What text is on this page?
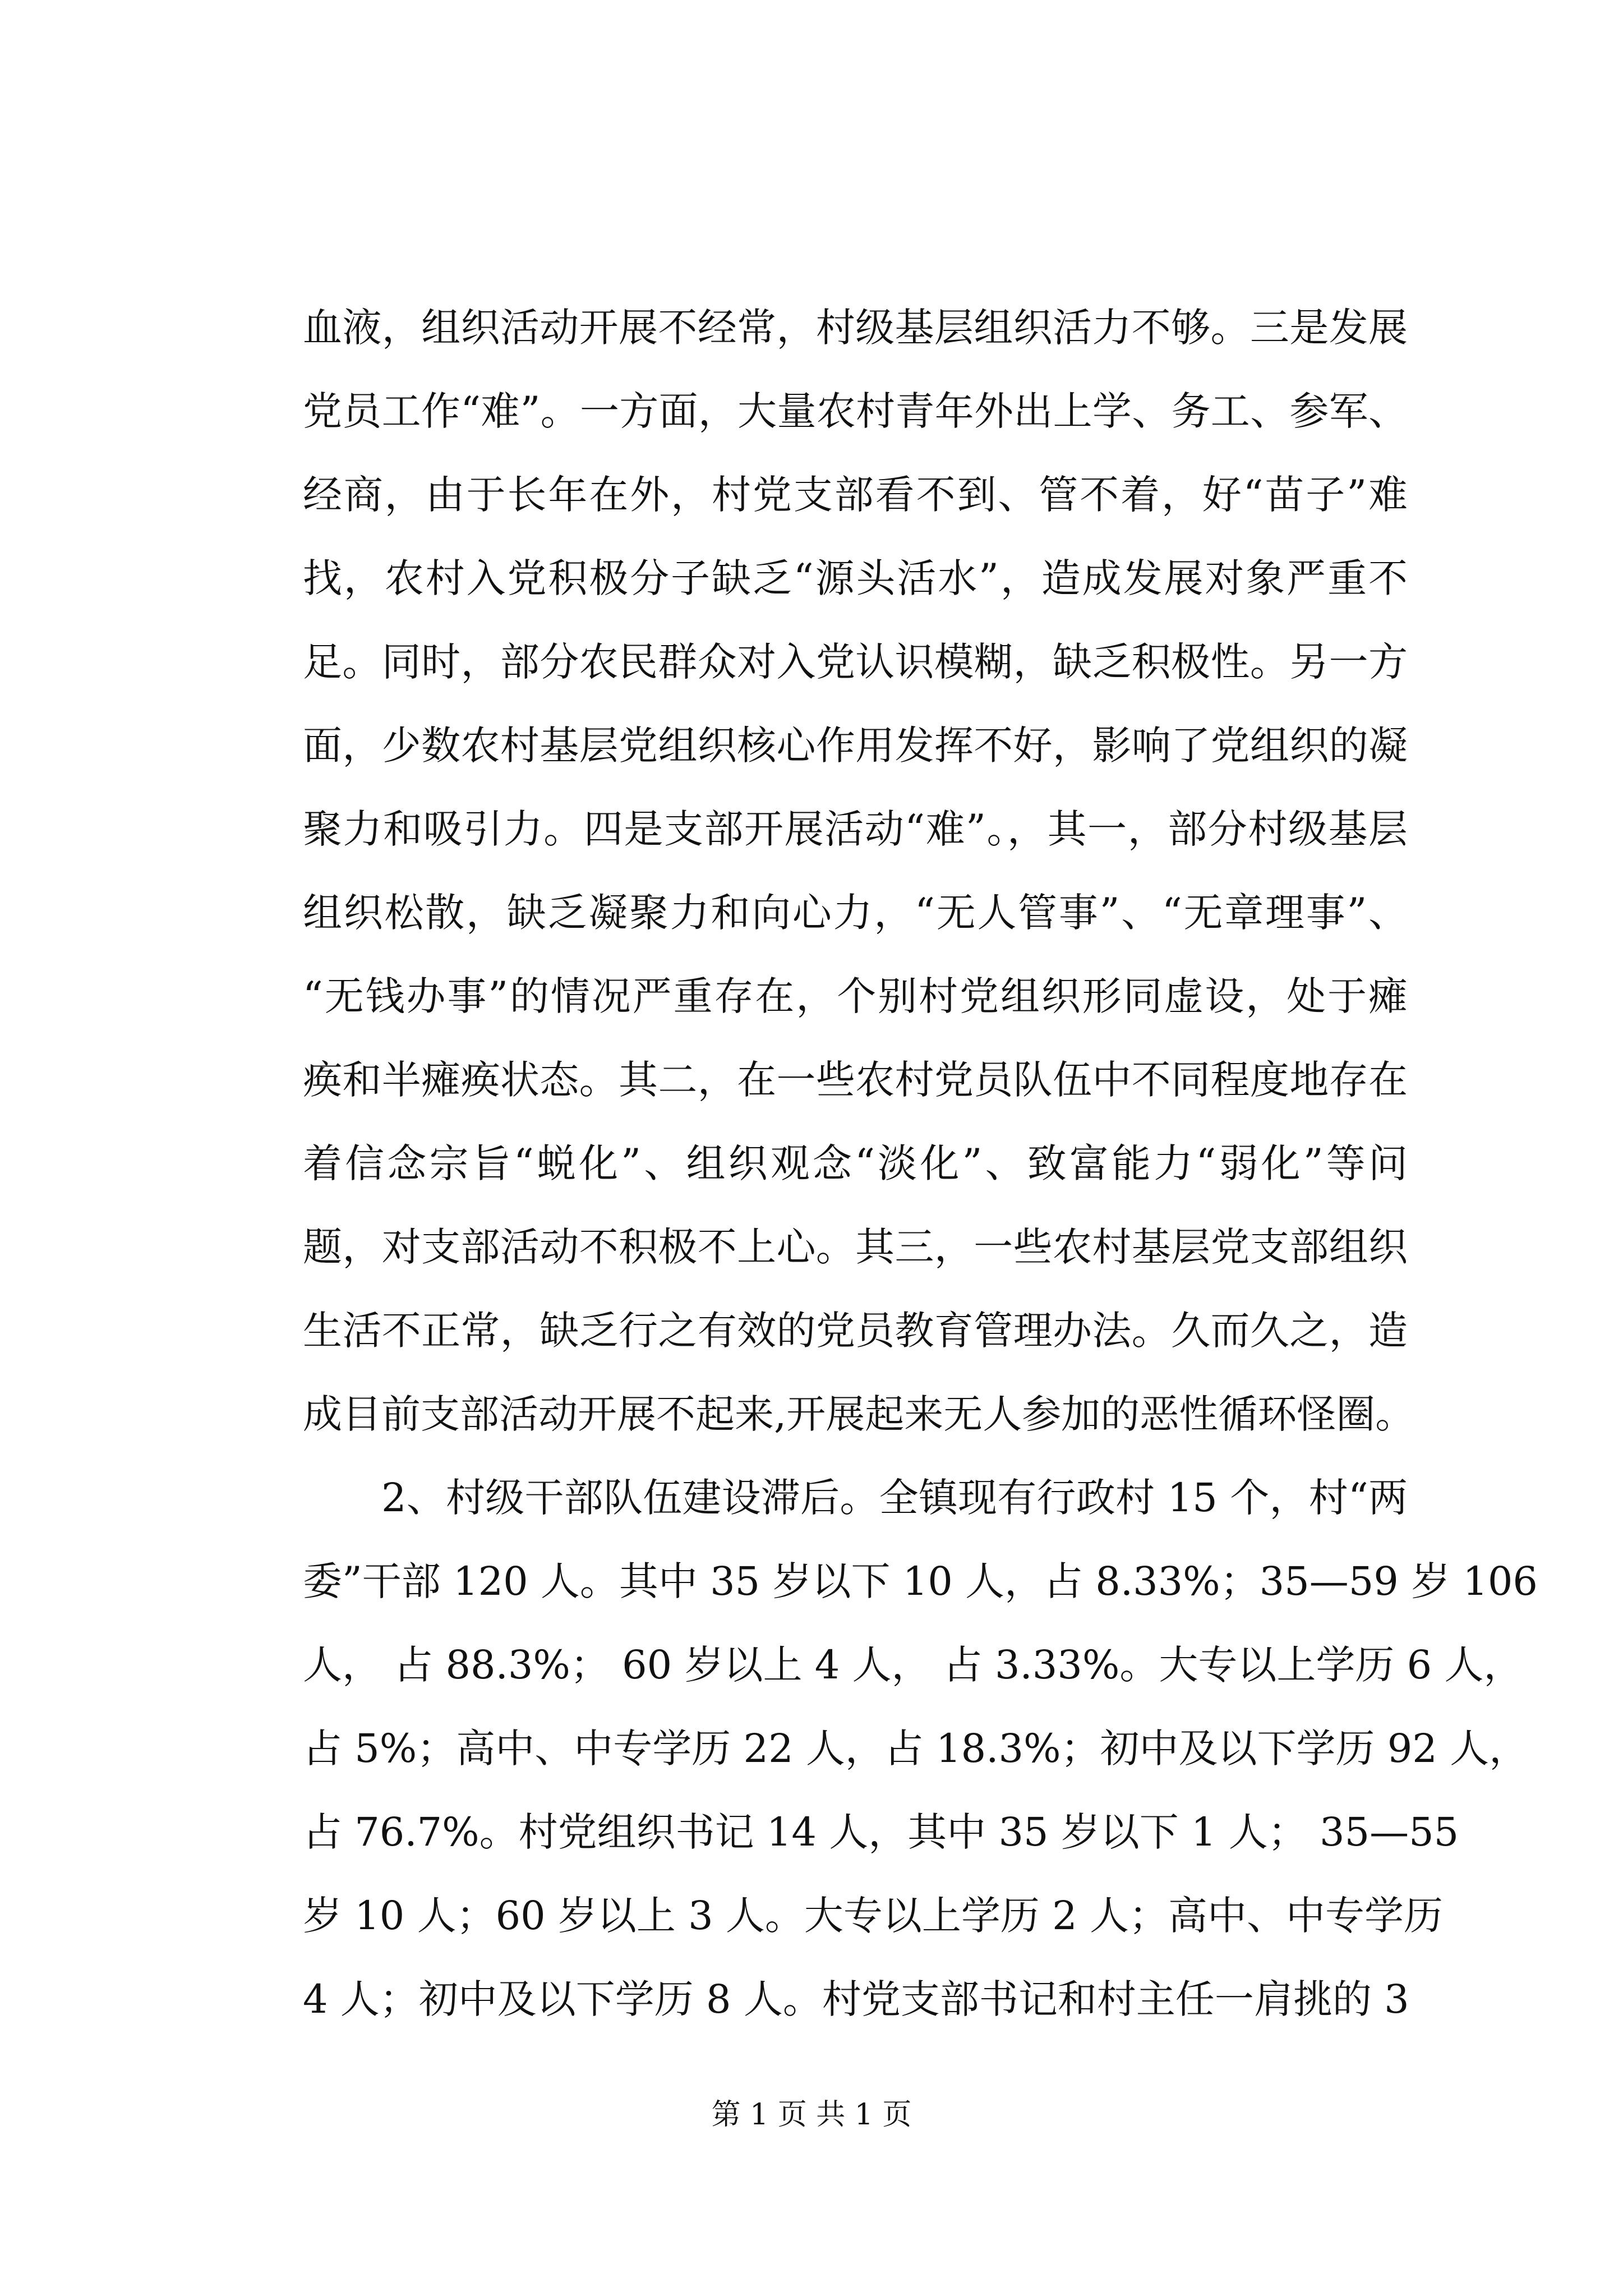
血液，组织活动开展不经常，村级基层组织活力不够。三是发展
党员工作“难”。一方面，大量农村青年外出上学、务工、参军、
经商，由于长年在外，村党支部看不到、管不着，好“苗子”难
找，农村入党积极分子缺乏“源头活水”，造成发展对象严重不
足。同时，部分农民群众对入党认识模糊，缺乏积极性。另一方
面，少数农村基层党组织核心作用发挥不好，影响了党组织的凝
聚力和吸引力。四是支部开展活动“难”。，其一，部分村级基层
组织松散，缺乏凝聚力和向心力，“无人管事”、“无章理事”、
“无钱办事”的情况严重存在，个别村党组织形同虚设，处于瘫
痪和半瘫痪状态。其二，在一些农村党员队伍中不同程度地存在
着信念宗旨“蜕化”、组织观念“淡化”、致富能力“弱化”等问
题，对支部活动不积极不上心。其三，一些农村基层党支部组织
生活不正常，缺乏行之有效的党员教育管理办法。久而久之，造
成目前支部活动开展不起来,开展起来无人参加的恶性循环怪圈。
2、村级干部队伍建设滞后。全镇现有行政村 15 个，村“两
委”干部 120 人。其中 35 岁以下 10 人，占 8.33%；35—59 岁 106
人， 占 88.3%； 60 岁以上 4 人， 占 3.33%。大专以上学历 6 人，
占 5%；高中、中专学历 22 人，占 18.3%；初中及以下学历 92 人，
占 76.7%。村党组织书记 14 人，其中 35 岁以下 1 人； 35—55
岁 10 人；60 岁以上 3 人。大专以上学历 2 人；高中、中专学历
4 人；初中及以下学历 8 人。村党支部书记和村主任一肩挑的 3
第 1 页 共 1 页
